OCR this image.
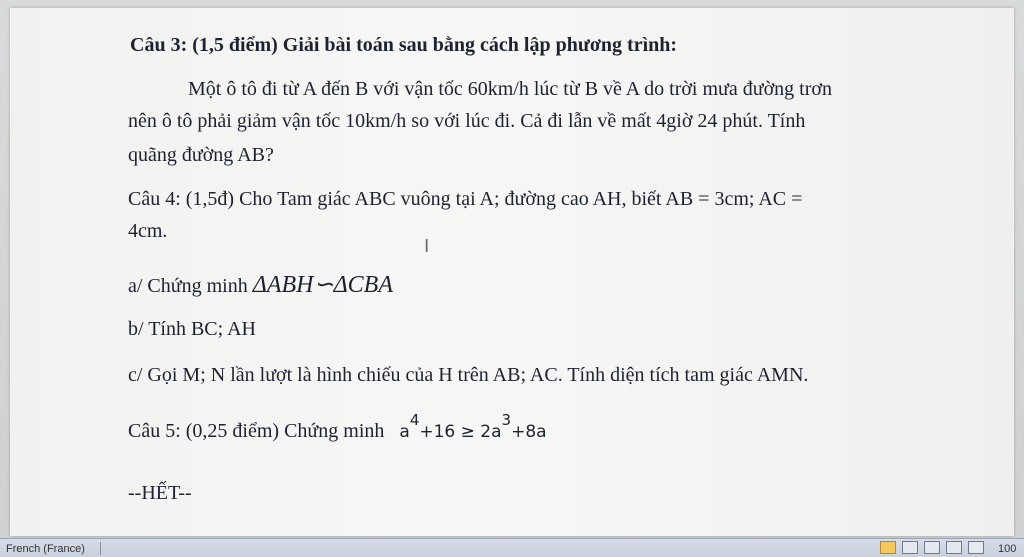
Câu 3: (1,5 điểm) Giải bài toán sau bằng cách lập phương trình:
Một ô tô đi từ A đến B với vận tốc 60km/h lúc từ B về A do trời mưa đường trơn
nên ô tô phải giảm vận tốc 10km/h so với lúc đi. Cả đi lẫn về mất 4giờ 24 phút. Tính
quãng đường AB?
Câu 4: (1,5đ) Cho Tam giác ABC vuông tại A; đường cao AH, biết AB = 3cm; AC =
4cm.
a/ Chứng minh ΔABH∽ΔCBA
b/ Tính BC; AH
c/ Gọi M; N lần lượt là hình chiếu của H trên AB; AC. Tính diện tích tam giác AMN.
Câu 5: (0,25 điểm) Chứng minh a4+16 ≥ 2a3+8a
--HẾT--
I
French (France)	100
